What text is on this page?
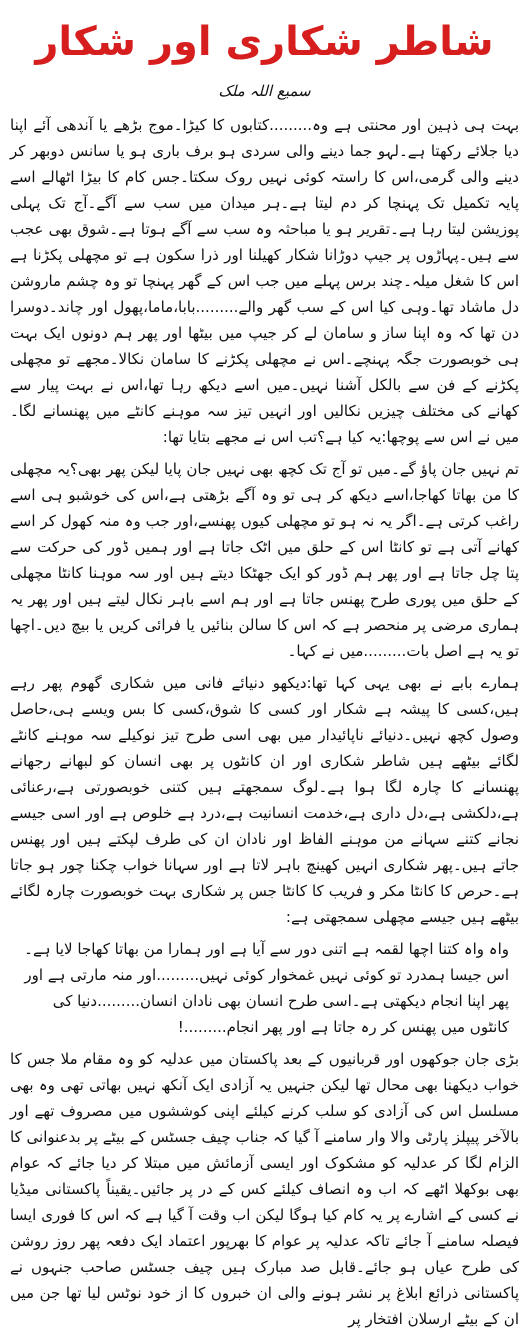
شاطر شکاری اور شکار
سمیع اللہ ملک

بہت ہی ذہین اور محنتی ہے وہ.........کتابوں کا کیڑا۔موج بڑھے یا آندھی آئے اپنا دیا جلائے رکھتا ہے۔لہو جما دینے والی سردی ہو برف باری ہو یا سانس دوبھر کر دینے والی گرمی،اس کا راستہ کوئی نہیں روک سکتا۔جس کام کا بیڑا اٹھالے اسے پایہ تکمیل تک پہنچا کر دم لیتا ہے۔ہر میدان میں سب سے آگے۔آج تک پہلی پوزیشن لیتا رہا ہے۔تقریر ہو یا مباحثہ وہ سب سے آگے ہوتا ہے۔شوق بھی عجب سے ہیں۔پہاڑوں پر جیپ دوڑانا شکار کھیلنا اور ذرا سکون ہے تو مچھلی پکڑنا ہے اس کا شغل میلہ۔چند برس پہلے میں جب اس کے گھر پہنچا تو وہ چشم ماروشن دل ماشاد تھا۔وہی کیا اس کے سب گھر والے.........بابا،ماما،پھول اور چاند۔دوسرا دن تھا کہ وہ اپنا ساز و سامان لے کر جیپ میں بیٹھا اور پھر ہم دونوں ایک بہت ہی خوبصورت جگہ پہنچے۔اس نے مچھلی پکڑنے کا سامان نکالا۔مجھے تو مچھلی پکڑنے کے فن سے بالکل آشنا نہیں۔میں اسے دیکھ رہا تھا،اس نے بہت پیار سے کھانے کی مختلف چیزیں نکالیں اور انہیں تیز سہ موہنے کانٹے میں پھنسانے لگا۔میں نے اس سے پوچھا:یہ کیا ہے؟تب اس نے مجھے بتایا تھا:

تم نہیں جان پاؤ گے۔میں تو آج تک کچھ بھی نہیں جان پایا لیکن پھر بھی؟یہ مچھلی کا من بھاتا کھاجا،اسے دیکھ کر ہی تو وہ آگے بڑھتی ہے،اس کی خوشبو ہی اسے راغب کرتی ہے۔اگر یہ نہ ہو تو مچھلی کیوں پھنسے،اور جب وہ منہ کھول کر اسے کھانے آتی ہے تو کانٹا اس کے حلق میں اٹک جاتا ہے اور ہمیں ڈور کی حرکت سے پتا چل جاتا ہے اور پھر ہم ڈور کو ایک جھٹکا دیتے ہیں اور سہ موہنا کانٹا مچھلی کے حلق میں پوری طرح پھنس جاتا ہے اور ہم اسے باہر نکال لیتے ہیں اور پھر یہ ہماری مرضی پر منحصر ہے کہ اس کا سالن بنائیں یا فرائی کریں یا بیچ دیں۔اچھا تو یہ ہے اصل بات.........میں نے کہا۔

ہمارے بابے نے بھی یہی کہا تھا:دیکھو دنیائے فانی میں شکاری گھوم پھر رہے ہیں،کسی کا پیشہ ہے شکار اور کسی کا شوق،کسی کا بس ویسے ہی،حاصل وصول کچھ نہیں۔دنیائے ناپائیدار میں بھی اسی طرح تیز نوکیلے سہ موہنے کانٹے لگائے بیٹھے ہیں شاطر شکاری اور ان کانٹوں پر بھی انسان کو لبھانے رجھانے پھنسانے کا چارہ لگا ہوا ہے۔لوگ سمجھتے ہیں کتنی خوبصورتی ہے،رعنائی ہے،دلکشی ہے،دل داری ہے،خدمت انسانیت ہے،درد ہے خلوص ہے اور اسی جیسے نجانے کتنے سہانے من موہنے الفاظ اور نادان ان کی طرف لپکتے ہیں اور پھنس جاتے ہیں۔پھر شکاری انہیں کھینچ باہر لاتا ہے اور سہانا خواب چکنا چور ہو جاتا ہے۔حرص کا کانٹا مکر و فریب کا کانٹا جس پر شکاری بہت خوبصورت چارہ لگائے بیٹھے ہیں جیسے مچھلی سمجھتی ہے:

واہ واہ کتنا اچھا لقمہ ہے اتنی دور سے آیا ہے اور ہمارا من بھاتا کھاجا لایا ہے۔اس جیسا ہمدرد تو کوئی نہیں غمخوار کوئی نہیں.........اور منہ مارتی ہے اور پھر اپنا انجام دیکھتی ہے۔اسی طرح انسان بھی نادان انسان.........دنیا کی کانٹوں میں پھنس کر رہ جاتا ہے اور پھر انجام.........!

بڑی جان جوکھوں اور قربانیوں کے بعد پاکستان میں عدلیہ کو وہ مقام ملا جس کا خواب دیکھنا بھی محال تھا لیکن جنہیں یہ آزادی ایک آنکھ نہیں بھاتی تھی وہ بھی مسلسل اس کی آزادی کو سلب کرنے کیلئے اپنی کوششوں میں مصروف تھے اور بالآخر پیپلز پارٹی والا وار سامنے آ گیا کہ جناب چیف جسٹس کے بیٹے پر بدعنوانی کا الزام لگا کر عدلیہ کو مشکوک اور ایسی آزمائش میں مبتلا کر دیا جائے کہ عوام بھی بوکھلا اٹھے کہ اب وہ انصاف کیلئے کس کے در پر جائیں۔یقیناً پاکستانی میڈیا نے کسی کے اشارے پر یہ کام کیا ہوگا لیکن اب وقت آ گیا ہے کہ اس کا فوری ایسا فیصلہ سامنے آ جائے تاکہ عدلیہ پر عوام کا بھرپور اعتماد ایک دفعہ پھر روز روشن کی طرح عیاں ہو جائے۔قابل صد مبارک ہیں چیف جسٹس صاحب جنہوں نے پاکستانی ذرائع ابلاغ پر نشر ہونے والی ان خبروں کا از خود نوٹس لیا تھا جن میں ان کے بیٹے ارسلان افتخار پر
